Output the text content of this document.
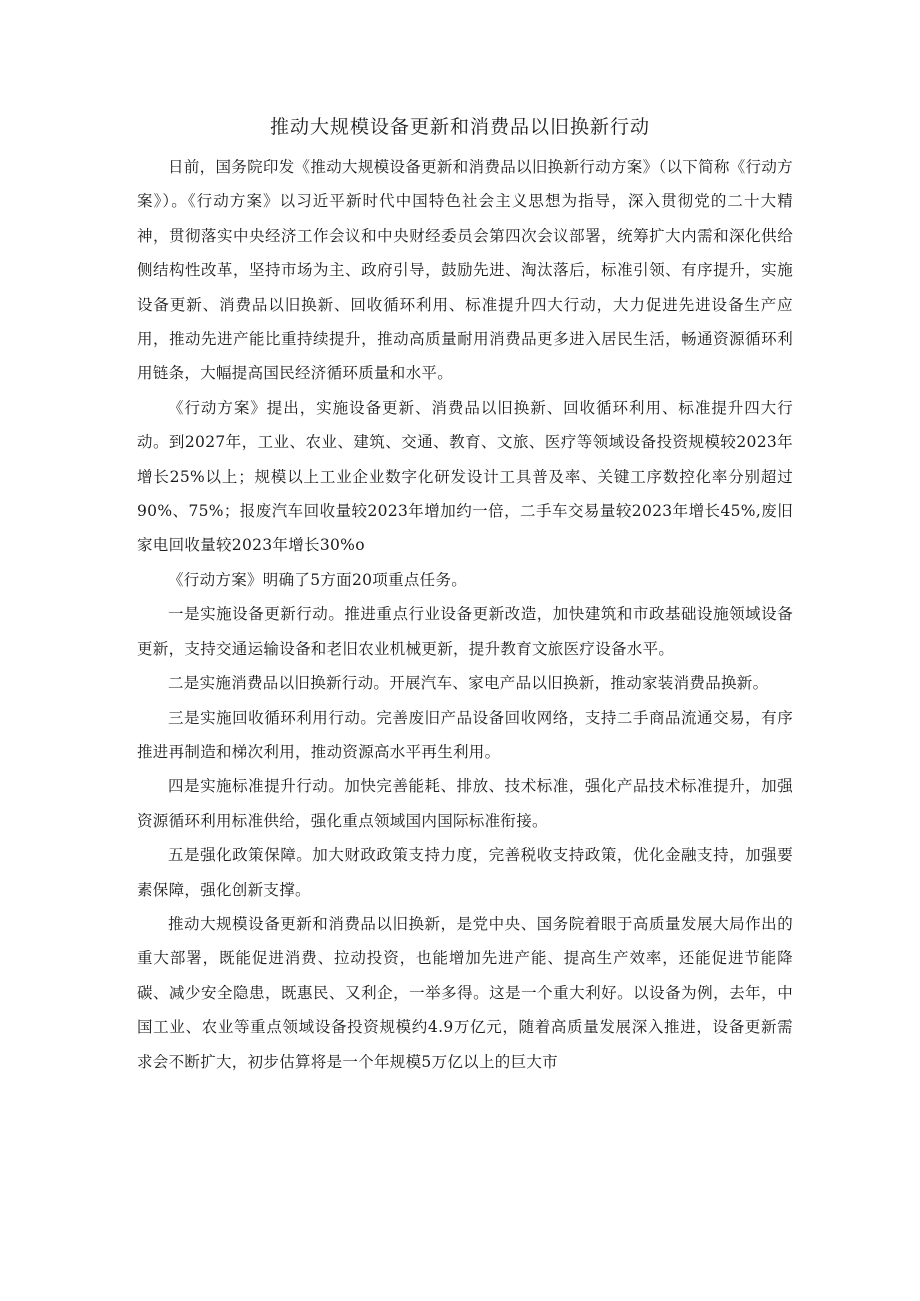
推动大规模设备更新和消费品以旧换新行动

日前，国务院印发《推动大规模设备更新和消费品以旧换新行动方案》（以下简称《行动方案》）。《行动方案》以习近平新时代中国特色社会主义思想为指导，深入贯彻党的二十大精神，贯彻落实中央经济工作会议和中央财经委员会第四次会议部署，统筹扩大内需和深化供给侧结构性改革，坚持市场为主、政府引导，鼓励先进、淘汰落后，标准引领、有序提升，实施设备更新、消费品以旧换新、回收循环利用、标准提升四大行动，大力促进先进设备生产应用，推动先进产能比重持续提升，推动高质量耐用消费品更多进入居民生活，畅通资源循环利用链条，大幅提高国民经济循环质量和水平。

《行动方案》提出，实施设备更新、消费品以旧换新、回收循环利用、标准提升四大行动。到2027年，工业、农业、建筑、交通、教育、文旅、医疗等领域设备投资规模较2023年增长25%以上；规模以上工业企业数字化研发设计工具普及率、关键工序数控化率分别超过90%、75%；报废汽车回收量较2023年增加约一倍，二手车交易量较2023年增长45%,废旧家电回收量较2023年增长30%o

《行动方案》明确了5方面20项重点任务。

一是实施设备更新行动。推进重点行业设备更新改造，加快建筑和市政基础设施领域设备更新，支持交通运输设备和老旧农业机械更新，提升教育文旅医疗设备水平。

二是实施消费品以旧换新行动。开展汽车、家电产品以旧换新，推动家装消费品换新。

三是实施回收循环利用行动。完善废旧产品设备回收网络，支持二手商品流通交易，有序推进再制造和梯次利用，推动资源高水平再生利用。

四是实施标准提升行动。加快完善能耗、排放、技术标准，强化产品技术标准提升，加强资源循环利用标准供给，强化重点领域国内国际标准衔接。

五是强化政策保障。加大财政政策支持力度，完善税收支持政策，优化金融支持，加强要素保障，强化创新支撑。

推动大规模设备更新和消费品以旧换新，是党中央、国务院着眼于高质量发展大局作出的重大部署，既能促进消费、拉动投资，也能增加先进产能、提高生产效率，还能促进节能降碳、减少安全隐患，既惠民、又利企，一举多得。这是一个重大利好。以设备为例，去年，中国工业、农业等重点领域设备投资规模约4.9万亿元，随着高质量发展深入推进，设备更新需求会不断扩大，初步估算将是一个年规模5万亿以上的巨大市
